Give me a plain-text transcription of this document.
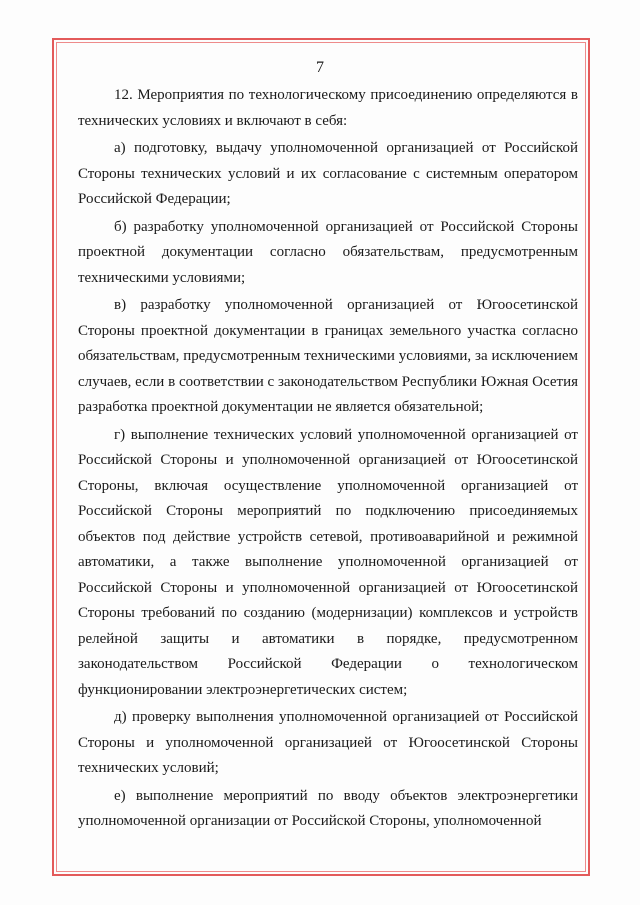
7

12. Мероприятия по технологическому присоединению определяются в технических условиях и включают в себя:

а) подготовку, выдачу уполномоченной организацией от Российской Стороны технических условий и их согласование с системным оператором Российской Федерации;

б) разработку уполномоченной организацией от Российской Стороны проектной документации согласно обязательствам, предусмотренным техническими условиями;

в) разработку уполномоченной организацией от Югоосетинской Стороны проектной документации в границах земельного участка согласно обязательствам, предусмотренным техническими условиями, за исключением случаев, если в соответствии с законодательством Республики Южная Осетия разработка проектной документации не является обязательной;

г) выполнение технических условий уполномоченной организацией от Российской Стороны и уполномоченной организацией от Югоосетинской Стороны, включая осуществление уполномоченной организацией от Российской Стороны мероприятий по подключению присоединяемых объектов под действие устройств сетевой, противоаварийной и режимной автоматики, а также выполнение уполномоченной организацией от Российской Стороны и уполномоченной организацией от Югоосетинской Стороны требований по созданию (модернизации) комплексов и устройств релейной защиты и автоматики в порядке, предусмотренном законодательством Российской Федерации о технологическом функционировании электроэнергетических систем;

д) проверку выполнения уполномоченной организацией от Российской Стороны и уполномоченной организацией от Югоосетинской Стороны технических условий;

е) выполнение мероприятий по вводу объектов электроэнергетики уполномоченной организации от Российской Стороны, уполномоченной
